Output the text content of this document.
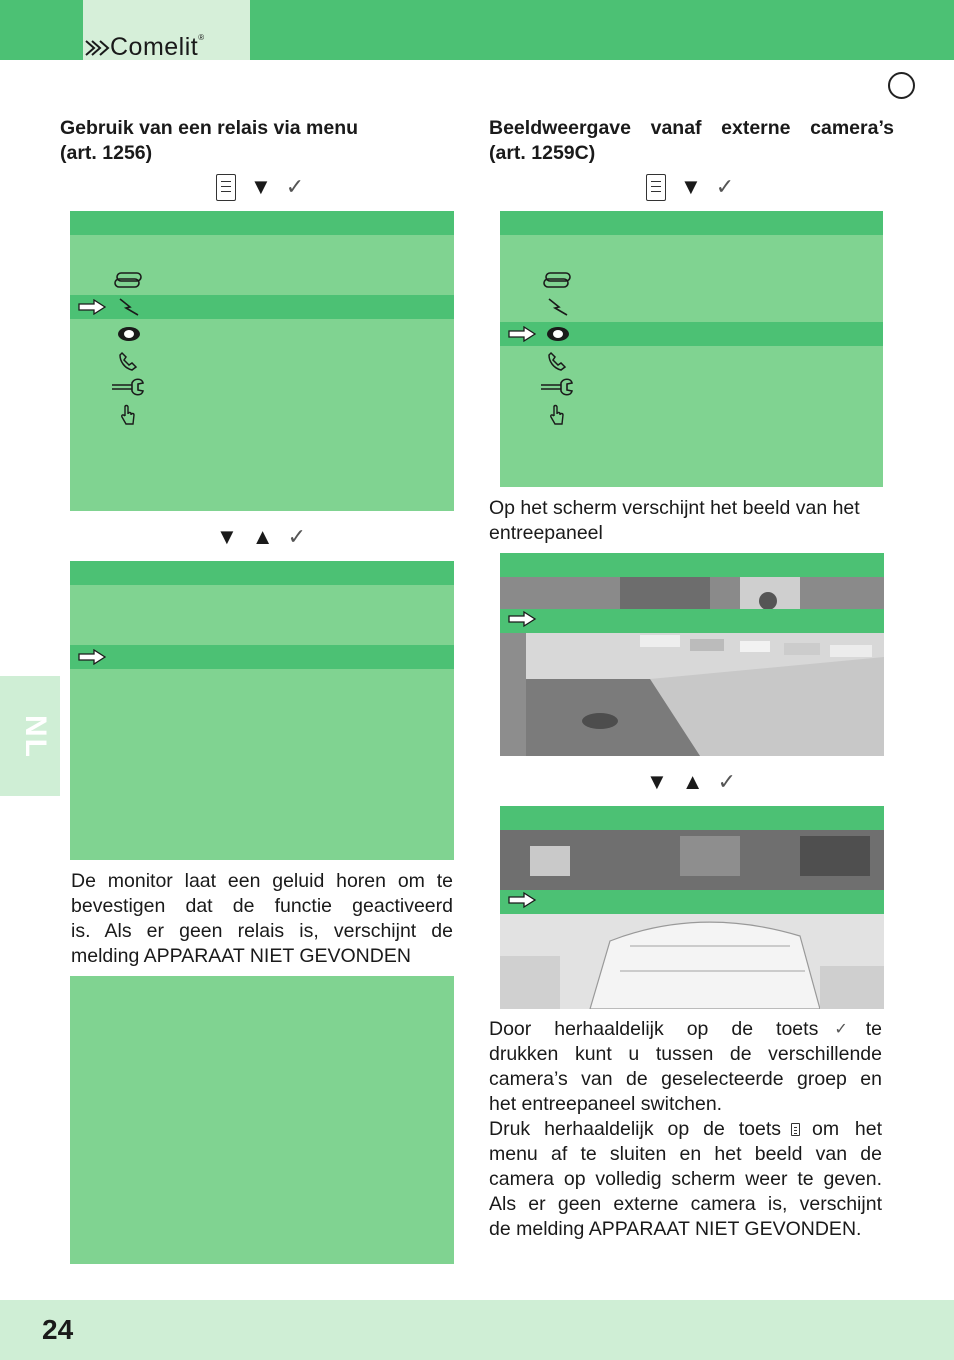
Comelit®
NL
Gebruik van een relais via menu
(art. 1256)
▼ ✓
▼ ▲ ✓
De monitor laat een geluid horen om te
bevestigen dat de functie geactiveerd
is. Als er geen relais is, verschijnt de
melding APPARAAT NIET GEVONDEN
Beeldweergave vanaf externe camera’s
(art. 1259C)
▼ ✓
Op het scherm verschijnt het beeld van het
entreepaneel
▼ ▲ ✓
Door herhaaldelijk op de toets ✓ te
drukken kunt u tussen de verschillende
camera’s van de geselecteerde groep en
het entreepaneel switchen.
Druk herhaaldelijk op de toets om het
menu af te sluiten en het beeld van de
camera op volledig scherm weer te geven.
Als er geen externe camera is, verschijnt
de melding APPARAAT NIET GEVONDEN.
24
